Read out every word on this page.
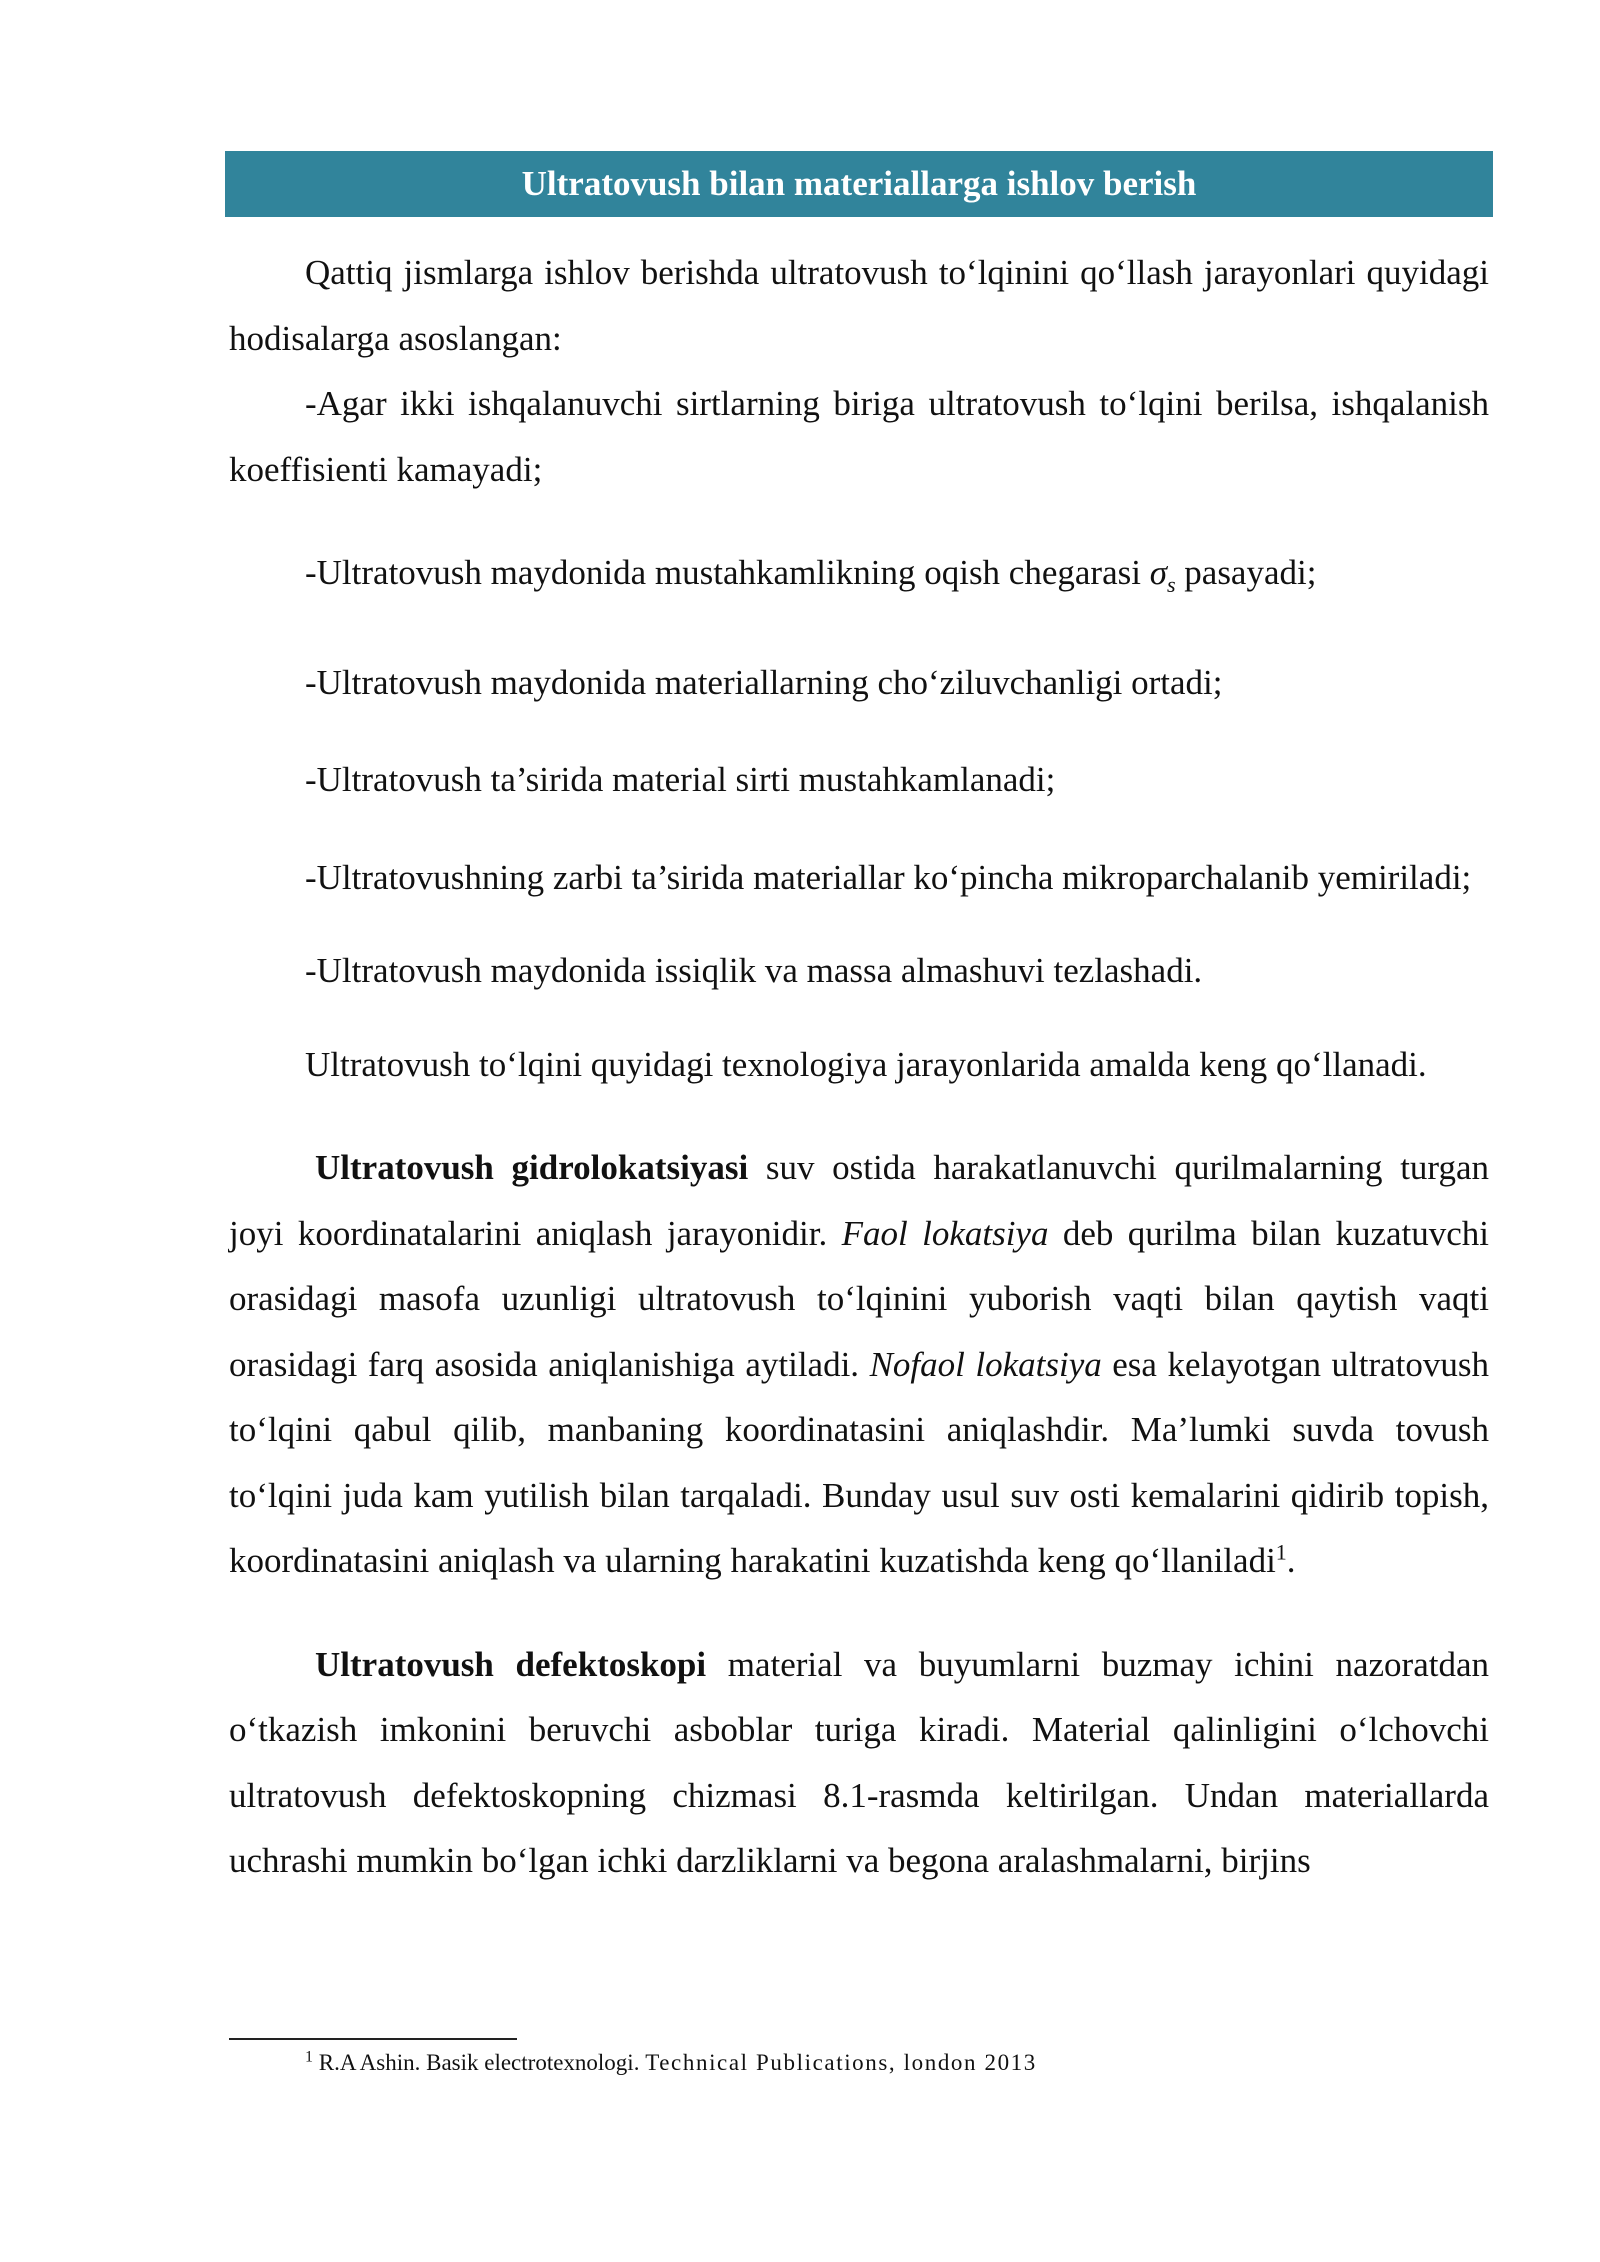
Ultratovush bilan materiallarga ishlov berish

Qattiq jismlarga ishlov berishda ultratovush to‘lqinini qo‘llash jarayonlari quyidagi hodisalarga asoslangan:

-Agar ikki ishqalanuvchi sirtlarning biriga ultratovush to‘lqini berilsa, ishqalanish koeffisienti kamayadi;

-Ultratovush maydonida mustahkamlikning oqish chegarasi $\sigma_s$ pasayadi;

-Ultratovush maydonida materiallarning cho‘ziluvchanligi ortadi;

-Ultratovush ta’sirida material sirti mustahkamlanadi;

-Ultratovushning zarbi ta’sirida materiallar ko‘pincha mikroparchalanib yemiriladi;

-Ultratovush maydonida issiqlik va massa almashuvi tezlashadi.

Ultratovush to‘lqini quyidagi texnologiya jarayonlarida amalda keng qo‘llanadi.

Ultratovush gidrolokatsiyasi suv ostida harakatlanuvchi qurilmalarning turgan joyi koordinatalarini aniqlash jarayonidir. Faol lokatsiya deb qurilma bilan kuzatuvchi orasidagi masofa uzunligi ultratovush to‘lqinini yuborish vaqti bilan qaytish vaqti orasidagi farq asosida aniqlanishiga aytiladi. Nofaol lokatsiya esa kelayotgan ultratovush to‘lqini qabul qilib, manbaning koordinatasini aniqlashdir. Ma’lumki suvda tovush to‘lqini juda kam yutilish bilan tarqaladi. Bunday usul suv osti kemalarini qidirib topish, koordinatasini aniqlash va ularning harakatini kuzatishda keng qo‘llaniladi$^1$.

Ultratovush defektoskopi material va buyumlarni buzmay ichini nazoratdan o‘tkazish imkonini beruvchi asboblar turiga kiradi. Material qalinligini o‘lchovchi ultratovush defektoskopning chizmasi 8.1-rasmda keltirilgan. Undan materiallarda uchrashi mumkin bo‘lgan ichki darzliklarni va begona aralashmalarni, birjins

$^1$ R.A Ashin. Basik electrotexnologi. Technical Publications, london 2013
